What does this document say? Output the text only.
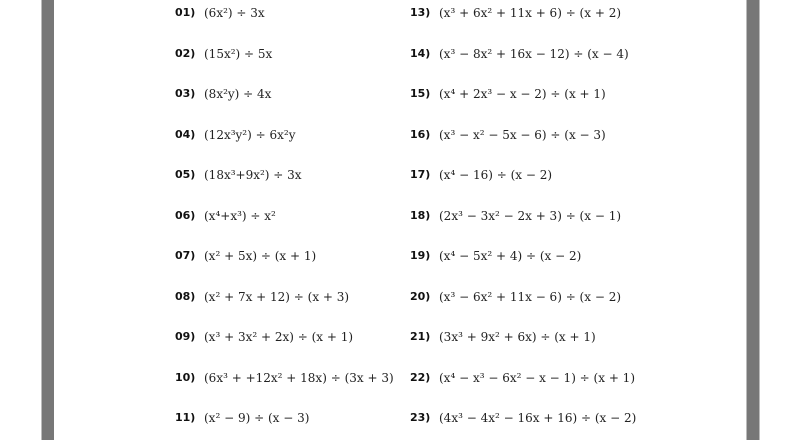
01) (6x²) ÷ 3x
02) (15x²) ÷ 5x
03) (8x²y) ÷ 4x
04) (12x³y²) ÷ 6x²y
05) (18x³+9x²) ÷ 3x
06) (x⁴+x³) ÷ x²
07) (x² + 5x) ÷ (x + 1)
08) (x² + 7x + 12) ÷ (x + 3)
09) (x³ + 3x² + 2x) ÷ (x + 1)
10) (6x³ + +12x² + 18x) ÷ (3x + 3)
11) (x² − 9) ÷ (x − 3)
13) (x³ + 6x² + 11x + 6) ÷ (x + 2)
14) (x³ − 8x² + 16x − 12) ÷ (x − 4)
15) (x⁴ + 2x³ − x − 2) ÷ (x + 1)
16) (x³ − x² − 5x − 6) ÷ (x − 3)
17) (x⁴ − 16) ÷ (x − 2)
18) (2x³ − 3x² − 2x + 3) ÷ (x − 1)
19) (x⁴ − 5x² + 4) ÷ (x − 2)
20) (x³ − 6x² + 11x − 6) ÷ (x − 2)
21) (3x³ + 9x² + 6x) ÷ (x + 1)
22) (x⁴ − x³ − 6x² − x − 1) ÷ (x + 1)
23) (4x³ − 4x² − 16x + 16) ÷ (x − 2)
